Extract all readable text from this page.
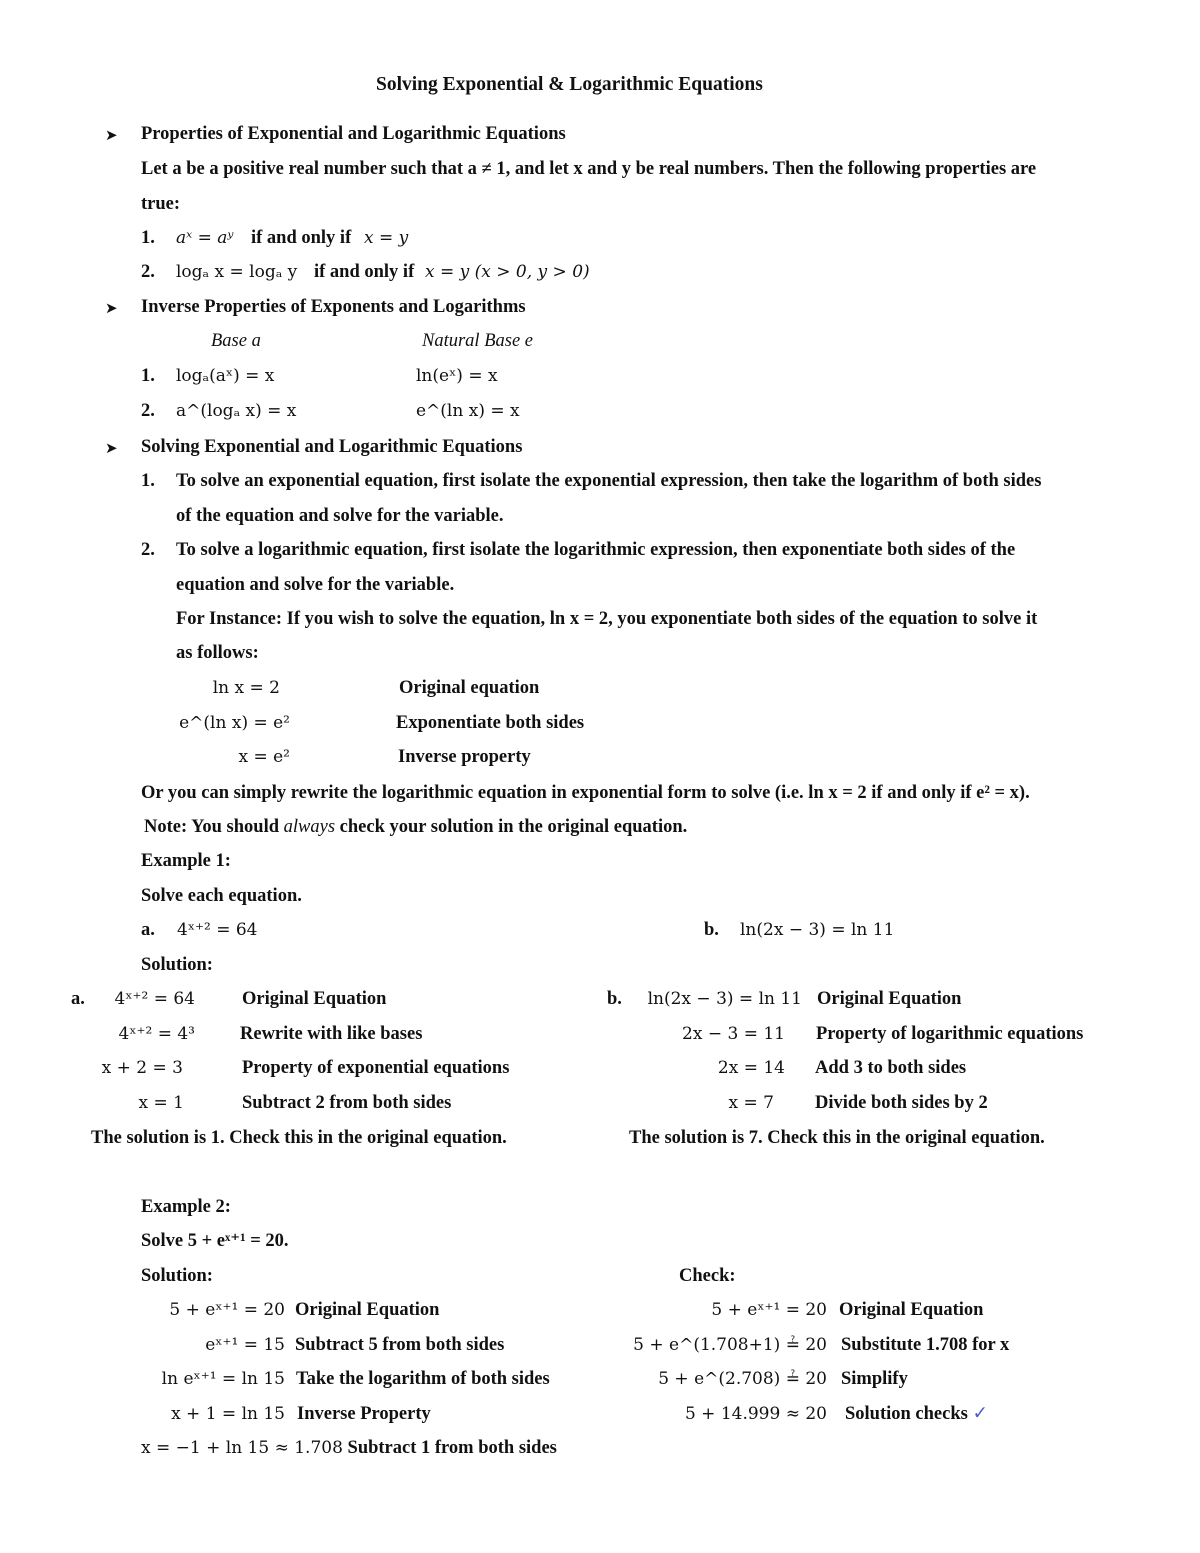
Solving Exponential & Logarithmic Equations
➤ Properties of Exponential and Logarithmic Equations
Let a be a positive real number such that a ≠ 1, and let x and y be real numbers. Then the following properties are
true:
1. aˣ = aʸ if and only if x = y
2. logₐ x = logₐ y if and only if x = y (x > 0, y > 0)
➤ Inverse Properties of Exponents and Logarithms
Base a	Natural Base e
1. logₐ(aˣ) = x	ln(eˣ) = x
2. a^(logₐ x) = x	e^(ln x) = x
➤ Solving Exponential and Logarithmic Equations
1. To solve an exponential equation, first isolate the exponential expression, then take the logarithm of both sides
of the equation and solve for the variable.
2. To solve a logarithmic equation, first isolate the logarithmic expression, then exponentiate both sides of the
equation and solve for the variable.
For Instance: If you wish to solve the equation, ln x = 2, you exponentiate both sides of the equation to solve it
as follows:
ln x = 2	Original equation
e^(ln x) = e²	Exponentiate both sides
x = e²	Inverse property
Or you can simply rewrite the logarithmic equation in exponential form to solve (i.e. ln x = 2 if and only if e² = x).
Note: You should always check your solution in the original equation.
Example 1:
Solve each equation.
a. 4ˣ⁺² = 64	b. ln(2x − 3) = ln 11
Solution:
a. 4ˣ⁺² = 64	Original Equation
4ˣ⁺² = 4³ Rewrite with like bases
x + 2 = 3	Property of exponential equations
x = 1	Subtract 2 from both sides
The solution is 1. Check this in the original equation.
b. ln(2x − 3) = ln 11 Original Equation
2x − 3 = 11 Property of logarithmic equations
2x = 14 Add 3 to both sides
x = 7 Divide both sides by 2
The solution is 7. Check this in the original equation.
Example 2:
Solve 5 + eˣ⁺¹ = 20.
Solution:	Check:
5 + eˣ⁺¹ = 20 Original Equation
eˣ⁺¹ = 15 Subtract 5 from both sides
ln eˣ⁺¹ = ln 15 Take the logarithm of both sides
x + 1 = ln 15 Inverse Property
x = −1 + ln 15 ≈ 1.708 Subtract 1 from both sides
5 + eˣ⁺¹ = 20 Original Equation
5 + e^(1.708+1) ≟ 20 Substitute 1.708 for x
5 + e^(2.708) ≟ 20 Simplify
5 + 14.999 ≈ 20 Solution checks ✓
